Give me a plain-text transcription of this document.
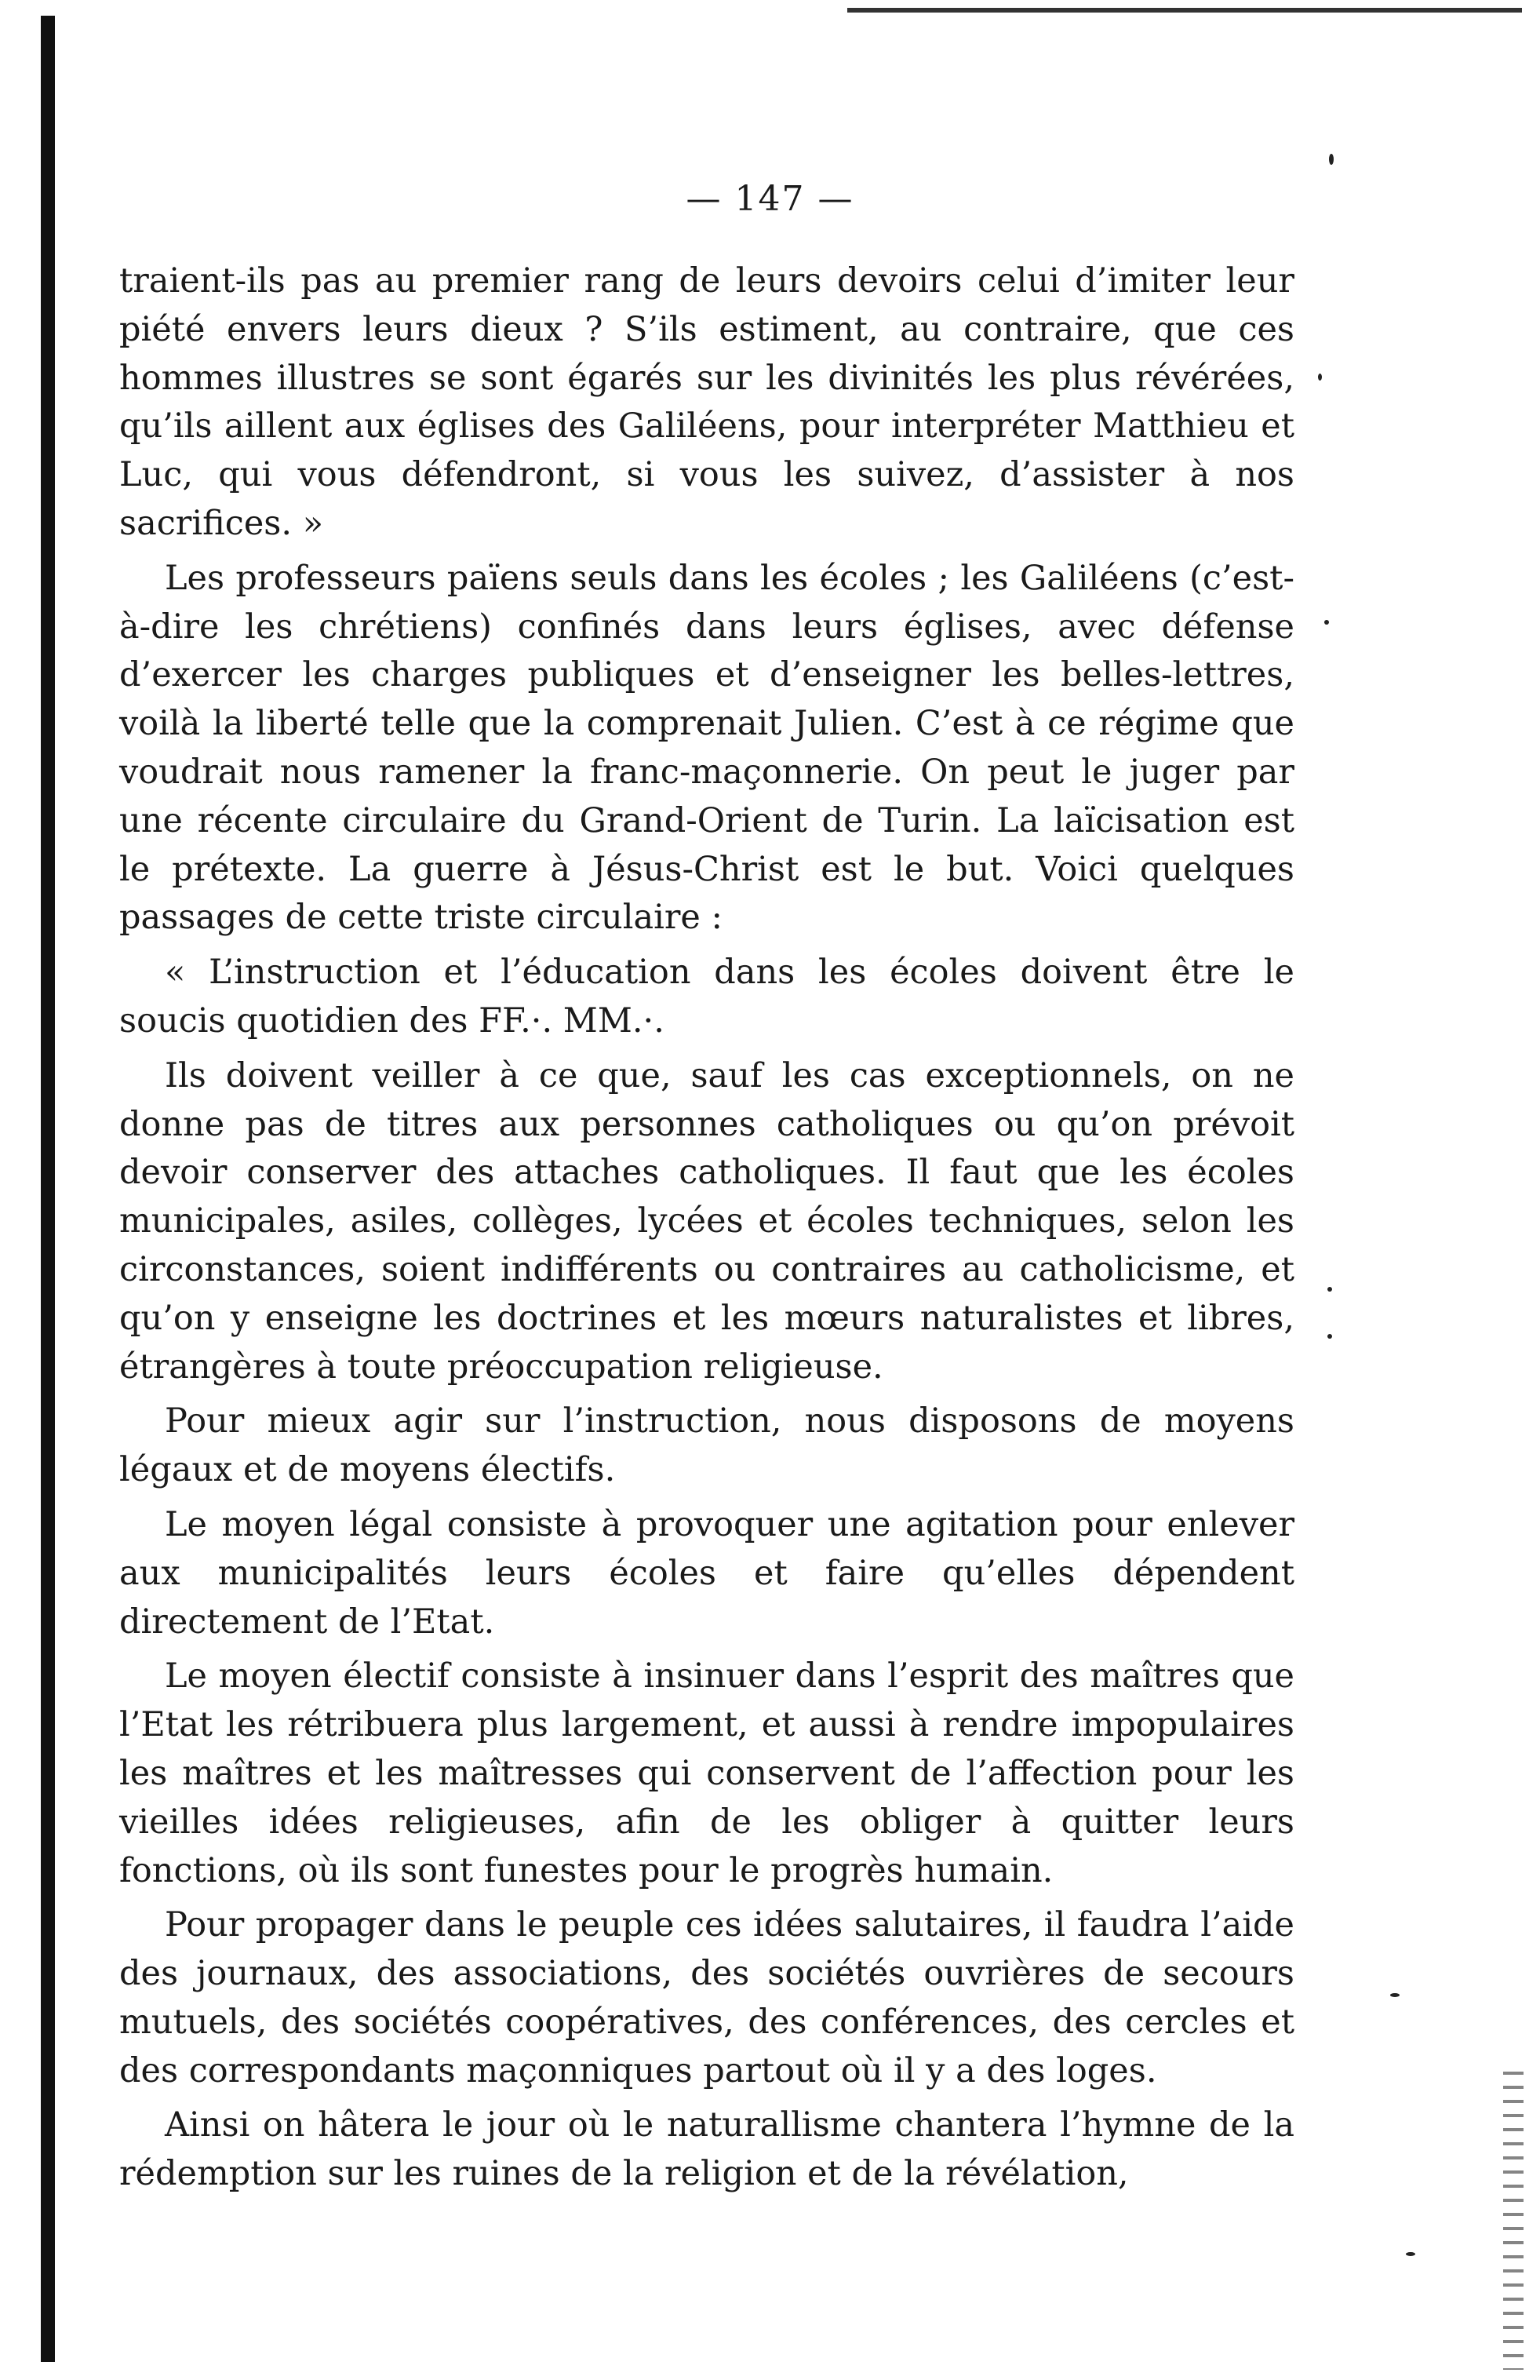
— 147 —

traient-ils pas au premier rang de leurs devoirs celui d’imiter leur piété envers leurs dieux ? S’ils estiment, au contraire, que ces hommes illustres se sont égarés sur les divinités les plus révérées, qu’ils aillent aux églises des Galiléens, pour interpréter Matthieu et Luc, qui vous défendront, si vous les suivez, d’assister à nos sacrifices. »

Les professeurs païens seuls dans les écoles ; les Galiléens (c’est-à-dire les chrétiens) confinés dans leurs églises, avec défense d’exercer les charges publiques et d’enseigner les belles-lettres, voilà la liberté telle que la comprenait Julien. C’est à ce régime que voudrait nous ramener la franc-maçonnerie. On peut le juger par une récente circulaire du Grand-Orient de Turin. La laïcisation est le prétexte. La guerre à Jésus-Christ est le but. Voici quelques passages de cette triste circulaire :

« L’instruction et l’éducation dans les écoles doivent être le soucis quotidien des FF.·. MM.·.

Ils doivent veiller à ce que, sauf les cas exceptionnels, on ne donne pas de titres aux personnes catholiques ou qu’on prévoit devoir conserver des attaches catholiques. Il faut que les écoles municipales, asiles, collèges, lycées et écoles techniques, selon les circonstances, soient indifférents ou contraires au catholicisme, et qu’on y enseigne les doctrines et les mœurs naturalistes et libres, étrangères à toute préoccupation religieuse.

Pour mieux agir sur l’instruction, nous disposons de moyens légaux et de moyens électifs.

Le moyen légal consiste à provoquer une agitation pour enlever aux municipalités leurs écoles et faire qu’elles dépendent directement de l’Etat.

Le moyen électif consiste à insinuer dans l’esprit des maîtres que l’Etat les rétribuera plus largement, et aussi à rendre impopulaires les maîtres et les maîtresses qui conservent de l’affection pour les vieilles idées religieuses, afin de les obliger à quitter leurs fonctions, où ils sont funestes pour le progrès humain.

Pour propager dans le peuple ces idées salutaires, il faudra l’aide des journaux, des associations, des sociétés ouvrières de secours mutuels, des sociétés coopératives, des conférences, des cercles et des correspondants maçonniques partout où il y a des loges.

Ainsi on hâtera le jour où le naturallisme chantera l’hymne de la rédemption sur les ruines de la religion et de la révélation,
